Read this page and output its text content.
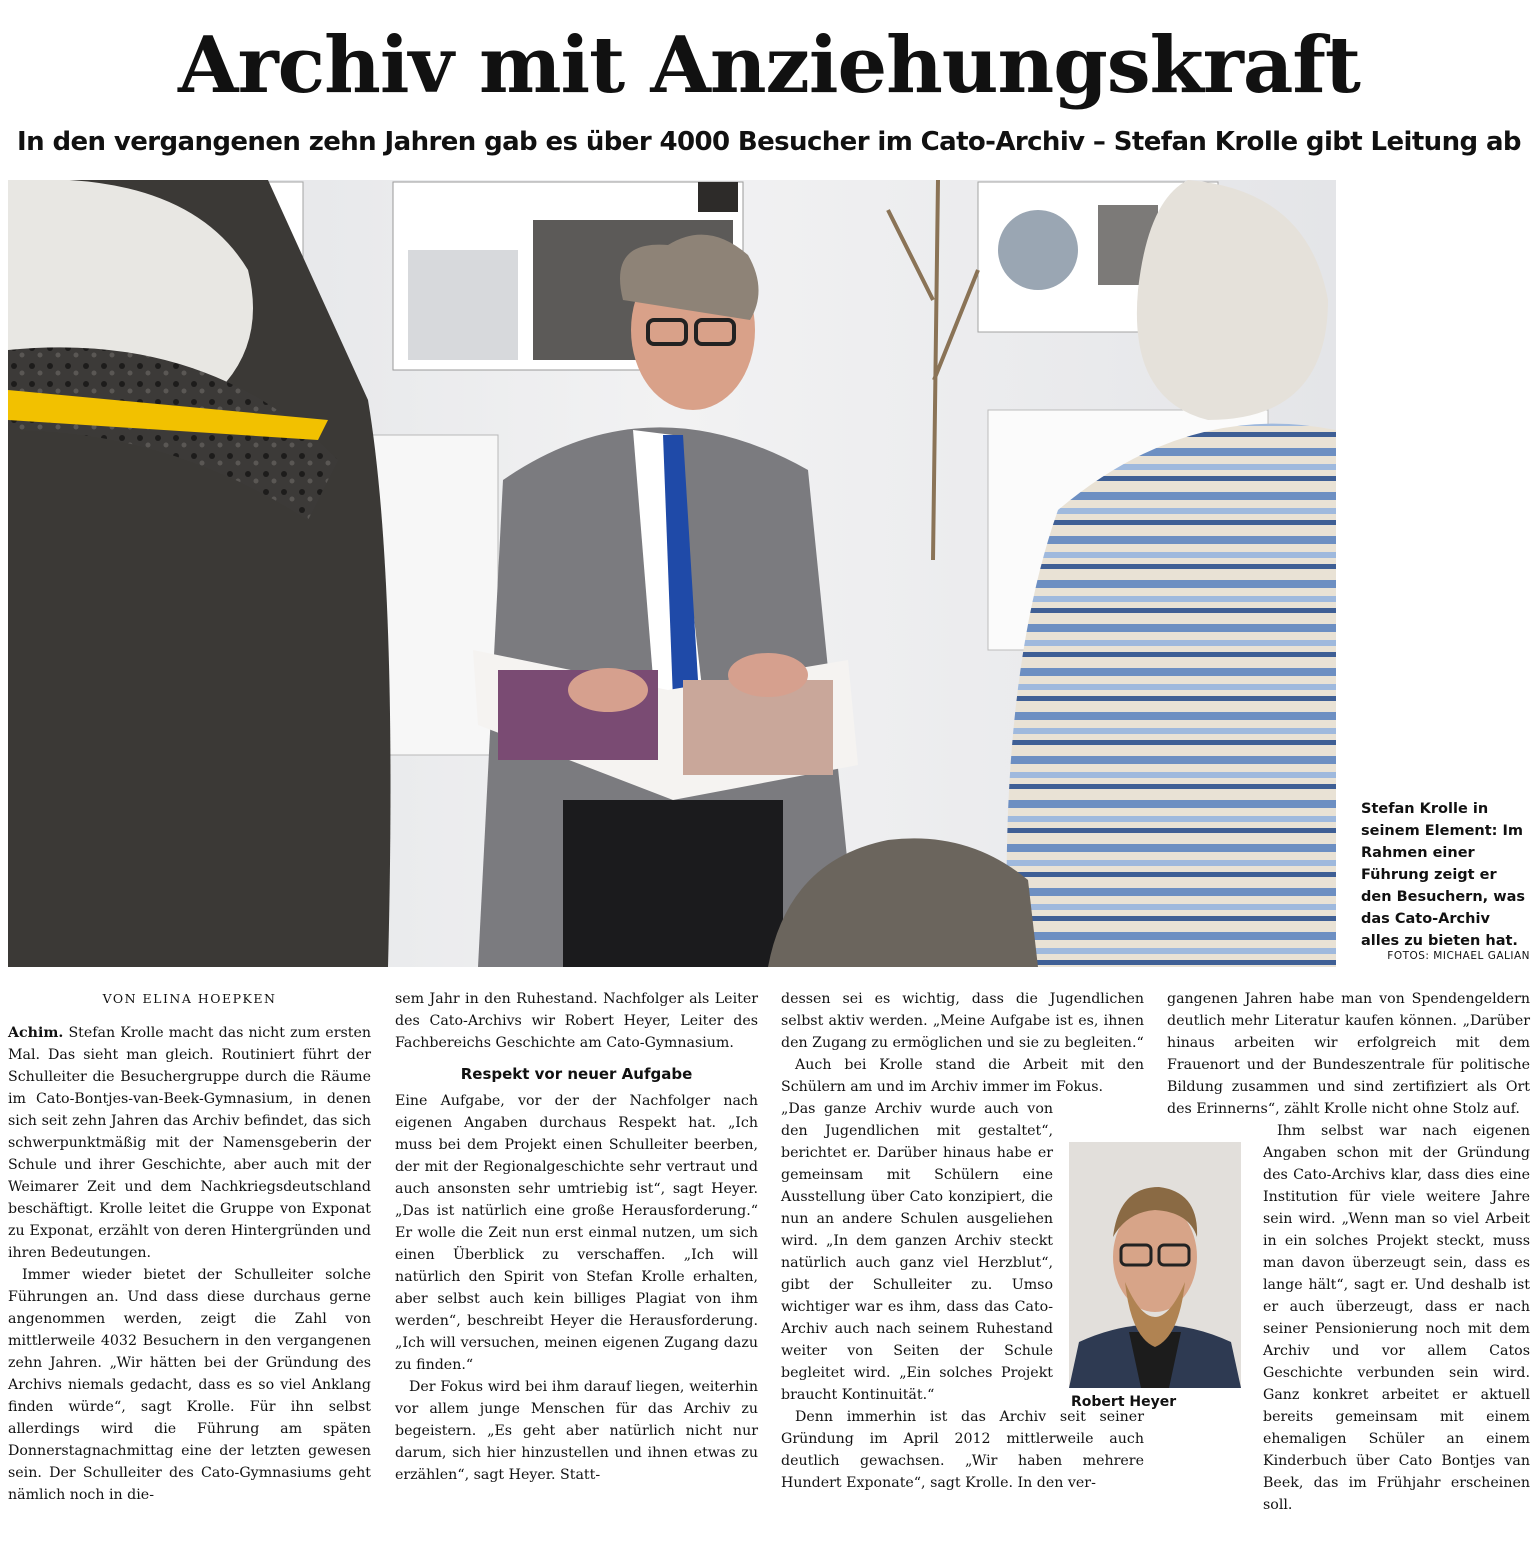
Archiv mit Anziehungskraft
In den vergangenen zehn Jahren gab es über 4000 Besucher im Cato-Archiv – Stefan Krolle gibt Leitung ab
Stefan Krolle in seinem Element: Im Rahmen einer Führung zeigt er den Besuchern, was das Cato-Archiv alles zu bieten hat.
FOTOS: MICHAEL GALIAN
VON ELINA HOEPKEN

Achim. Stefan Krolle macht das nicht zum ersten Mal. Das sieht man gleich. Routiniert führt der Schulleiter die Besuchergruppe durch die Räume im Cato-Bontjes-van-Beek-Gymnasium, in denen sich seit zehn Jahren das Archiv befindet, das sich schwerpunktmäßig mit der Namensgeberin der Schule und ihrer Geschichte, aber auch mit der Weimarer Zeit und dem Nachkriegsdeutschland beschäftigt. Krolle leitet die Gruppe von Exponat zu Exponat, erzählt von deren Hintergründen und ihren Bedeutungen.

Immer wieder bietet der Schulleiter solche Führungen an. Und dass diese durchaus gerne angenommen werden, zeigt die Zahl von mittlerweile 4032 Besuchern in den vergangenen zehn Jahren. „Wir hätten bei der Gründung des Archivs niemals gedacht, dass es so viel Anklang finden würde“, sagt Krolle. Für ihn selbst allerdings wird die Führung am späten Donnerstagnachmittag eine der letzten gewesen sein. Der Schulleiter des Cato-Gymnasiums geht nämlich noch in die-

sem Jahr in den Ruhestand. Nachfolger als Leiter des Cato-Archivs wir Robert Heyer, Leiter des Fachbereichs Geschichte am Cato-Gymnasium.

Respekt vor neuer Aufgabe

Eine Aufgabe, vor der der Nachfolger nach eigenen Angaben durchaus Respekt hat. „Ich muss bei dem Projekt einen Schulleiter beerben, der mit der Regionalgeschichte sehr vertraut und auch ansonsten sehr umtriebig ist“, sagt Heyer. „Das ist natürlich eine große Herausforderung.“ Er wolle die Zeit nun erst einmal nutzen, um sich einen Überblick zu verschaffen. „Ich will natürlich den Spirit von Stefan Krolle erhalten, aber selbst auch kein billiges Plagiat von ihm werden“, beschreibt Heyer die Herausforderung. „Ich will versuchen, meinen eigenen Zugang dazu zu finden.“

Der Fokus wird bei ihm darauf liegen, weiterhin vor allem junge Menschen für das Archiv zu begeistern. „Es geht aber natürlich nicht nur darum, sich hier hinzustellen und ihnen etwas zu erzählen“, sagt Heyer. Statt-

dessen sei es wichtig, dass die Jugendlichen selbst aktiv werden. „Meine Aufgabe ist es, ihnen den Zugang zu ermöglichen und sie zu begleiten.“

Auch bei Krolle stand die Arbeit mit den Schülern am und im Archiv immer im Fokus.

„Das ganze Archiv wurde auch von den Jugendlichen mit gestaltet“, berichtet er. Darüber hinaus habe er gemeinsam mit Schülern eine Ausstellung über Cato konzipiert, die nun an andere Schulen ausgeliehen wird. „In dem ganzen Archiv steckt natürlich auch ganz viel Herzblut“, gibt der Schulleiter zu. Umso wichtiger war es ihm, dass das Cato-Archiv auch nach seinem Ruhestand weiter von Seiten der Schule begleitet wird. „Ein solches Projekt braucht Kontinuität.“

Denn immerhin ist das Archiv seit seiner Gründung im April 2012 mittlerweile auch deutlich gewachsen. „Wir haben mehrere Hundert Exponate“, sagt Krolle. In den ver-

Robert Heyer

gangenen Jahren habe man von Spendengeldern deutlich mehr Literatur kaufen können. „Darüber hinaus arbeiten wir erfolgreich mit dem Frauenort und der Bundeszentrale für politische Bildung zusammen und sind zertifiziert als Ort des Erinnerns“, zählt Krolle nicht ohne Stolz auf.

Ihm selbst war nach eigenen Angaben schon mit der Gründung des Cato-Archivs klar, dass dies eine Institution für viele weitere Jahre sein wird. „Wenn man so viel Arbeit in ein solches Projekt steckt, muss man davon überzeugt sein, dass es lange hält“, sagt er. Und deshalb ist er auch überzeugt, dass er nach seiner Pensionierung noch mit dem Archiv und vor allem Catos Geschichte verbunden sein wird. Ganz konkret arbeitet er aktuell bereits gemeinsam mit einem ehemaligen Schüler an einem Kinderbuch über Cato Bontjes van Beek, das im Frühjahr erscheinen soll.
